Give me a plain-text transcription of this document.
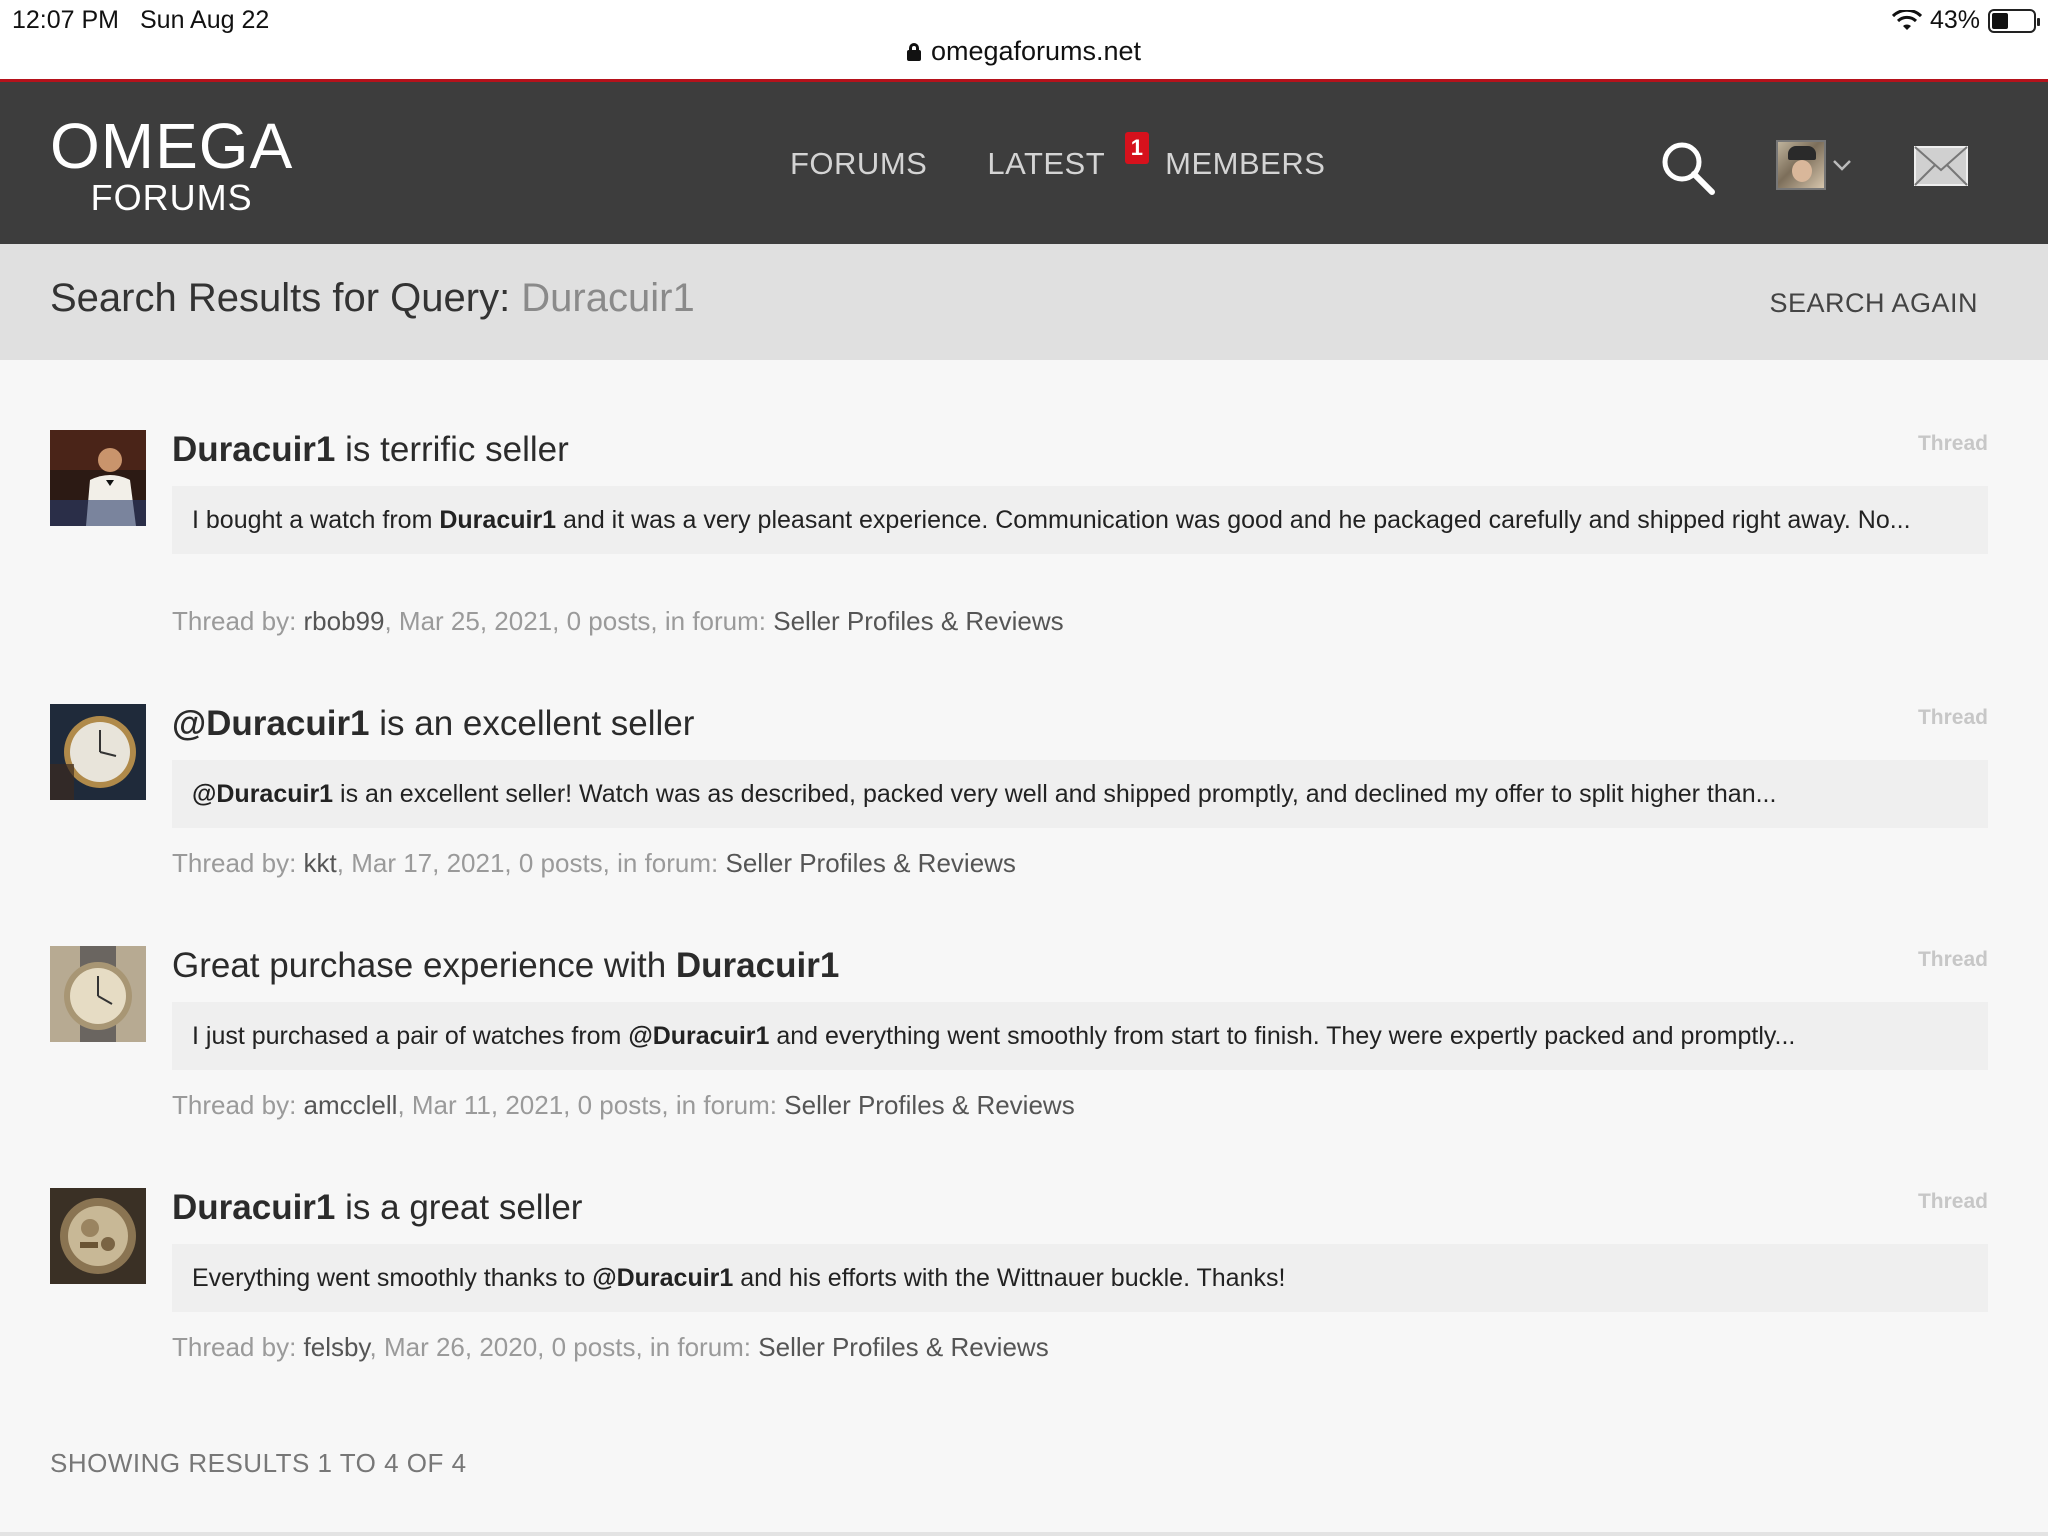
12:07 PM Sun Aug 22	43%
omegaforums.net
OMEGA
FORUMS
FORUMS LATEST 1 MEMBERS
Search Results for Query: Duracuir1	SEARCH AGAIN
Duracuir1 is terrific seller	Thread
I bought a watch from Duracuir1 and it was a very pleasant experience. Communication was good and he packaged carefully and shipped right away. No...
Thread by: rbob99, Mar 25, 2021, 0 posts, in forum: Seller Profiles & Reviews
@Duracuir1 is an excellent seller	Thread
@Duracuir1 is an excellent seller! Watch was as described, packed very well and shipped promptly, and declined my offer to split higher than...
Thread by: kkt, Mar 17, 2021, 0 posts, in forum: Seller Profiles & Reviews
Great purchase experience with Duracuir1	Thread
I just purchased a pair of watches from @Duracuir1 and everything went smoothly from start to finish. They were expertly packed and promptly...
Thread by: amcclell, Mar 11, 2021, 0 posts, in forum: Seller Profiles & Reviews
Duracuir1 is a great seller	Thread
Everything went smoothly thanks to @Duracuir1 and his efforts with the Wittnauer buckle. Thanks!
Thread by: felsby, Mar 26, 2020, 0 posts, in forum: Seller Profiles & Reviews
SHOWING RESULTS 1 TO 4 OF 4
